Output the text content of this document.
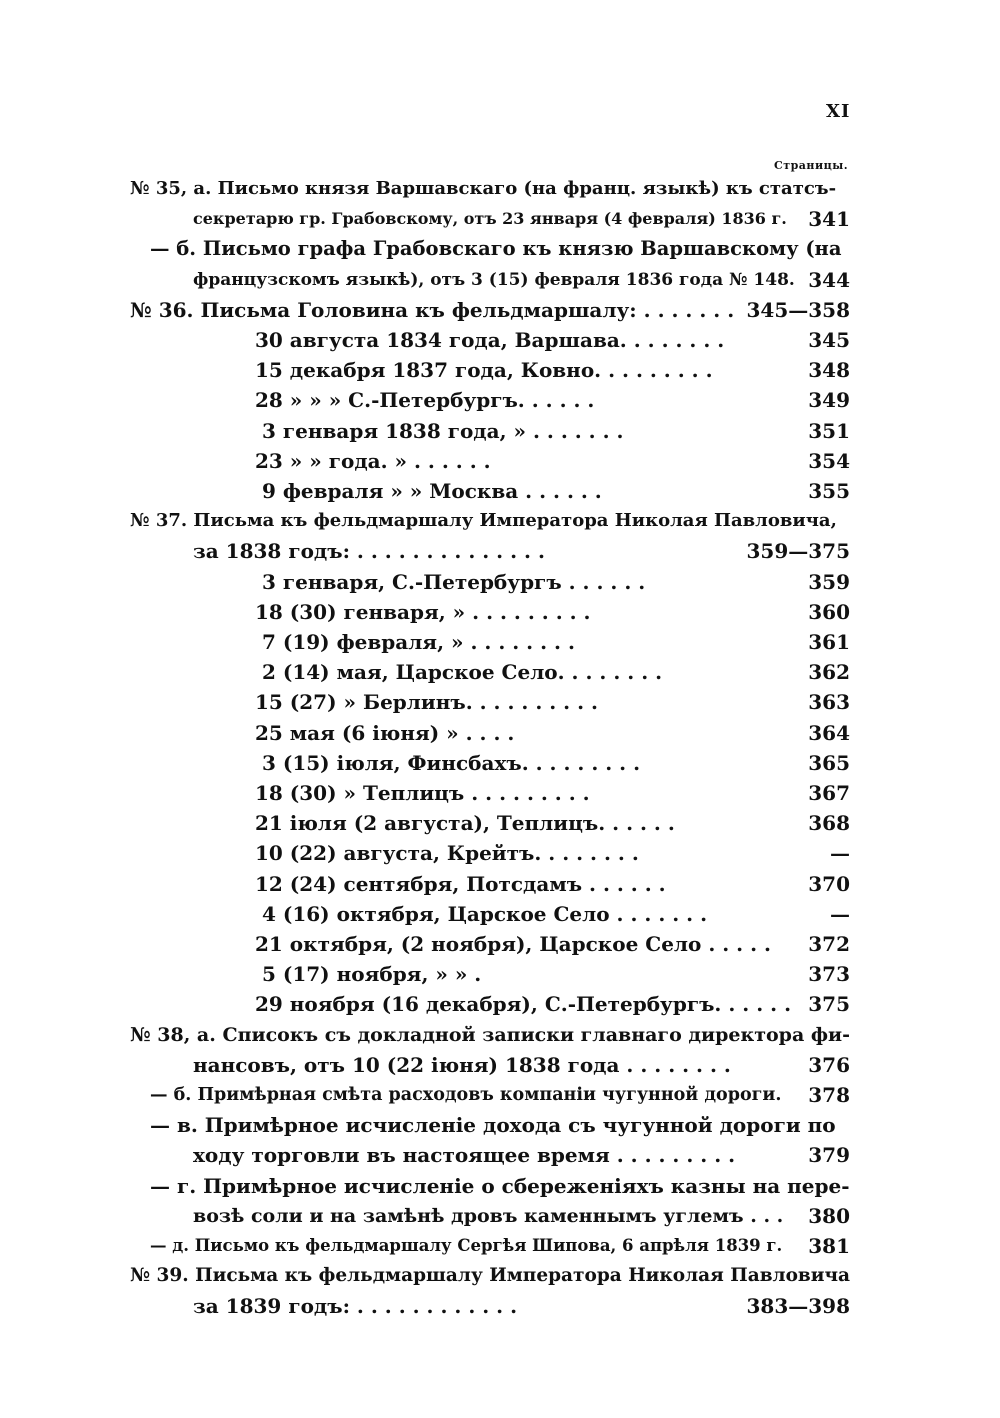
XI
Страницы.
№ 35, а. Письмо князя Варшавскаго (на франц. языкѣ) къ статсъ-
секретарю гр. Грабовскому, отъ 23 января (4 февраля) 1836 г. 341
— б. Письмо графа Грабовскаго къ князю Варшавскому (на
французскомъ языкѣ), отъ 3 (15) февраля 1836 года № 148. 344
№ 36. Письма Головина къ фельдмаршалу: . . . . . . . 345—358
30 августа 1834 года, Варшава. . . . . . . .	345
15 декабря 1837 года, Ковно. . . . . . . . .	348
28 » » » С.-Петербургъ. . . . . .	349
3 генваря 1838 года, » . . . . . . .	351
23 » » года. » . . . . . .	354
9 февраля » » Москва . . . . . .	355
№ 37. Письма къ фельдмаршалу Императора Николая Павловича,
за 1838 годъ: . . . . . . . . . . . . . .	359—375
3 генваря, С.-Петербургъ . . . . . .	359
18 (30) генваря, » . . . . . . . . .	360
7 (19) февраля, » . . . . . . . .	361
2 (14) мая, Царское Село. . . . . . . .	362
15 (27) » Берлинъ. . . . . . . . . .	363
25 мая (6 іюня) » . . . .	364
3 (15) іюля, Финсбахъ. . . . . . . . .	365
18 (30) » Теплицъ . . . . . . . . .	367
21 іюля (2 августа), Теплицъ. . . . . .	368
10 (22) августа, Крейтъ. . . . . . . .	—
12 (24) сентября, Потсдамъ . . . . . .	370
4 (16) октября, Царское Село . . . . . . .	—
21 октября, (2 ноября), Царское Село . . . . . 372
5 (17) ноября, » » .	373
29 ноября (16 декабря), С.-Петербургъ. . . . . . 375
№ 38, а. Списокъ съ докладной записки главнаго директора фи-
нансовъ, отъ 10 (22 іюня) 1838 года . . . . . . . .	376
— б. Примѣрная смѣта расходовъ компаніи чугунной дороги. 378
— в. Примѣрное исчисленіе дохода съ чугунной дороги по
ходу торговли въ настоящее время . . . . . . . . .	379
— г. Примѣрное исчисленіе о сбереженіяхъ казны на пере-
возѣ соли и на замѣнѣ дровъ каменнымъ углемъ . . . 380
— д. Письмо къ фельдмаршалу Сергѣя Шипова, 6 апрѣля 1839 г. 381
№ 39. Письма къ фельдмаршалу Императора Николая Павловича
за 1839 годъ: . . . . . . . . . . . .	383—398
